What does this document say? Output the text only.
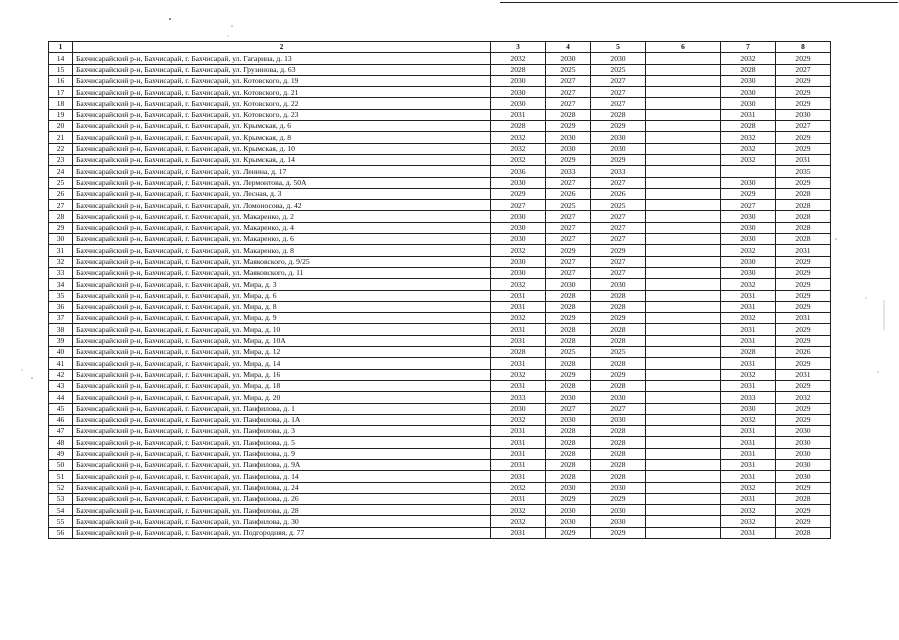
1	2	3	4	5	6	7	8
14	Бахчисарайский р-н, Бахчисарай, г. Бахчисарай, ул. Гагарина, д. 13	2032	2030	2030		2032	2029
15	Бахчисарайский р-н, Бахчисарай, г. Бахчисарай, ул. Грузинова, д. 63	2028	2025	2025		2028	2027
16	Бахчисарайский р-н, Бахчисарай, г. Бахчисарай, ул. Котовского, д. 19	2030	2027	2027		2030	2029
17	Бахчисарайский р-н, Бахчисарай, г. Бахчисарай, ул. Котовского, д. 21	2030	2027	2027		2030	2029
18	Бахчисарайский р-н, Бахчисарай, г. Бахчисарай, ул. Котовского, д. 22	2030	2027	2027		2030	2029
19	Бахчисарайский р-н, Бахчисарай, г. Бахчисарай, ул. Котовского, д. 23	2031	2028	2028		2031	2030
20	Бахчисарайский р-н, Бахчисарай, г. Бахчисарай, ул. Крымская, д. 6	2028	2029	2029		2028	2027
21	Бахчисарайский р-н, Бахчисарай, г. Бахчисарай, ул. Крымская, д. 8	2032	2030	2030		2032	2029
22	Бахчисарайский р-н, Бахчисарай, г. Бахчисарай, ул. Крымская, д. 10	2032	2030	2030		2032	2029
23	Бахчисарайский р-н, Бахчисарай, г. Бахчисарай, ул. Крымская, д. 14	2032	2029	2029		2032	2031
24	Бахчисарайский р-н, Бахчисарай, г. Бахчисарай, ул. Ленина, д. 17	2036	2033	2033			2035
25	Бахчисарайский р-н, Бахчисарай, г. Бахчисарай, ул. Лермонтова, д. 50А	2030	2027	2027		2030	2029
26	Бахчисарайский р-н, Бахчисарай, г. Бахчисарай, ул. Лесная, д. 3	2029	2026	2026		2029	2028
27	Бахчисарайский р-н, Бахчисарай, г. Бахчисарай, ул. Ломоносова, д. 42	2027	2025	2025		2027	2028
28	Бахчисарайский р-н, Бахчисарай, г. Бахчисарай, ул. Макаренко, д. 2	2030	2027	2027		2030	2028
29	Бахчисарайский р-н, Бахчисарай, г. Бахчисарай, ул. Макаренко, д. 4	2030	2027	2027		2030	2028
30	Бахчисарайский р-н, Бахчисарай, г. Бахчисарай, ул. Макаренко, д. 6	2030	2027	2027		2030	2028
31	Бахчисарайский р-н, Бахчисарай, г. Бахчисарай, ул. Макаренко, д. 8	2032	2029	2029		2032	2031
32	Бахчисарайский р-н, Бахчисарай, г. Бахчисарай, ул. Маяковского, д. 9/25	2030	2027	2027		2030	2029
33	Бахчисарайский р-н, Бахчисарай, г. Бахчисарай, ул. Маяковского, д. 11	2030	2027	2027		2030	2029
34	Бахчисарайский р-н, Бахчисарай, г. Бахчисарай, ул. Мира, д. 3	2032	2030	2030		2032	2029
35	Бахчисарайский р-н, Бахчисарай, г. Бахчисарай, ул. Мира, д. 6	2031	2028	2028		2031	2029
36	Бахчисарайский р-н, Бахчисарай, г. Бахчисарай, ул. Мира, д. 8	2031	2028	2028		2031	2029
37	Бахчисарайский р-н, Бахчисарай, г. Бахчисарай, ул. Мира, д. 9	2032	2029	2029		2032	2031
38	Бахчисарайский р-н, Бахчисарай, г. Бахчисарай, ул. Мира, д. 10	2031	2028	2028		2031	2029
39	Бахчисарайский р-н, Бахчисарай, г. Бахчисарай, ул. Мира, д. 10А	2031	2028	2028		2031	2029
40	Бахчисарайский р-н, Бахчисарай, г. Бахчисарай, ул. Мира, д. 12	2028	2025	2025		2028	2026
41	Бахчисарайский р-н, Бахчисарай, г. Бахчисарай, ул. Мира, д. 14	2031	2028	2028		2031	2029
42	Бахчисарайский р-н, Бахчисарай, г. Бахчисарай, ул. Мира, д. 16	2032	2029	2029		2032	2031
43	Бахчисарайский р-н, Бахчисарай, г. Бахчисарай, ул. Мира, д. 18	2031	2028	2028		2031	2029
44	Бахчисарайский р-н, Бахчисарай, г. Бахчисарай, ул. Мира, д. 20	2033	2030	2030		2033	2032
45	Бахчисарайский р-н, Бахчисарай, г. Бахчисарай, ул. Панфилова, д. 1	2030	2027	2027		2030	2029
46	Бахчисарайский р-н, Бахчисарай, г. Бахчисарай, ул. Панфилова, д. 1А	2032	2030	2030		2032	2029
47	Бахчисарайский р-н, Бахчисарай, г. Бахчисарай, ул. Панфилова, д. 3	2031	2028	2028		2031	2030
48	Бахчисарайский р-н, Бахчисарай, г. Бахчисарай, ул. Панфилова, д. 5	2031	2028	2028		2031	2030
49	Бахчисарайский р-н, Бахчисарай, г. Бахчисарай, ул. Панфилова, д. 9	2031	2028	2028		2031	2030
50	Бахчисарайский р-н, Бахчисарай, г. Бахчисарай, ул. Панфилова, д. 9А	2031	2028	2028		2031	2030
51	Бахчисарайский р-н, Бахчисарай, г. Бахчисарай, ул. Панфилова, д. 14	2031	2028	2028		2031	2030
52	Бахчисарайский р-н, Бахчисарай, г. Бахчисарай, ул. Панфилова, д. 24	2032	2030	2030		2032	2029
53	Бахчисарайский р-н, Бахчисарай, г. Бахчисарай, ул. Панфилова, д. 26	2031	2029	2029		2031	2028
54	Бахчисарайский р-н, Бахчисарай, г. Бахчисарай, ул. Панфилова, д. 28	2032	2030	2030		2032	2029
55	Бахчисарайский р-н, Бахчисарай, г. Бахчисарай, ул. Панфилова, д. 30	2032	2030	2030		2032	2029
56	Бахчисарайский р-н, Бахчисарай, г. Бахчисарай, ул. Подгородняя, д. 77	2031	2029	2029		2031	2028
